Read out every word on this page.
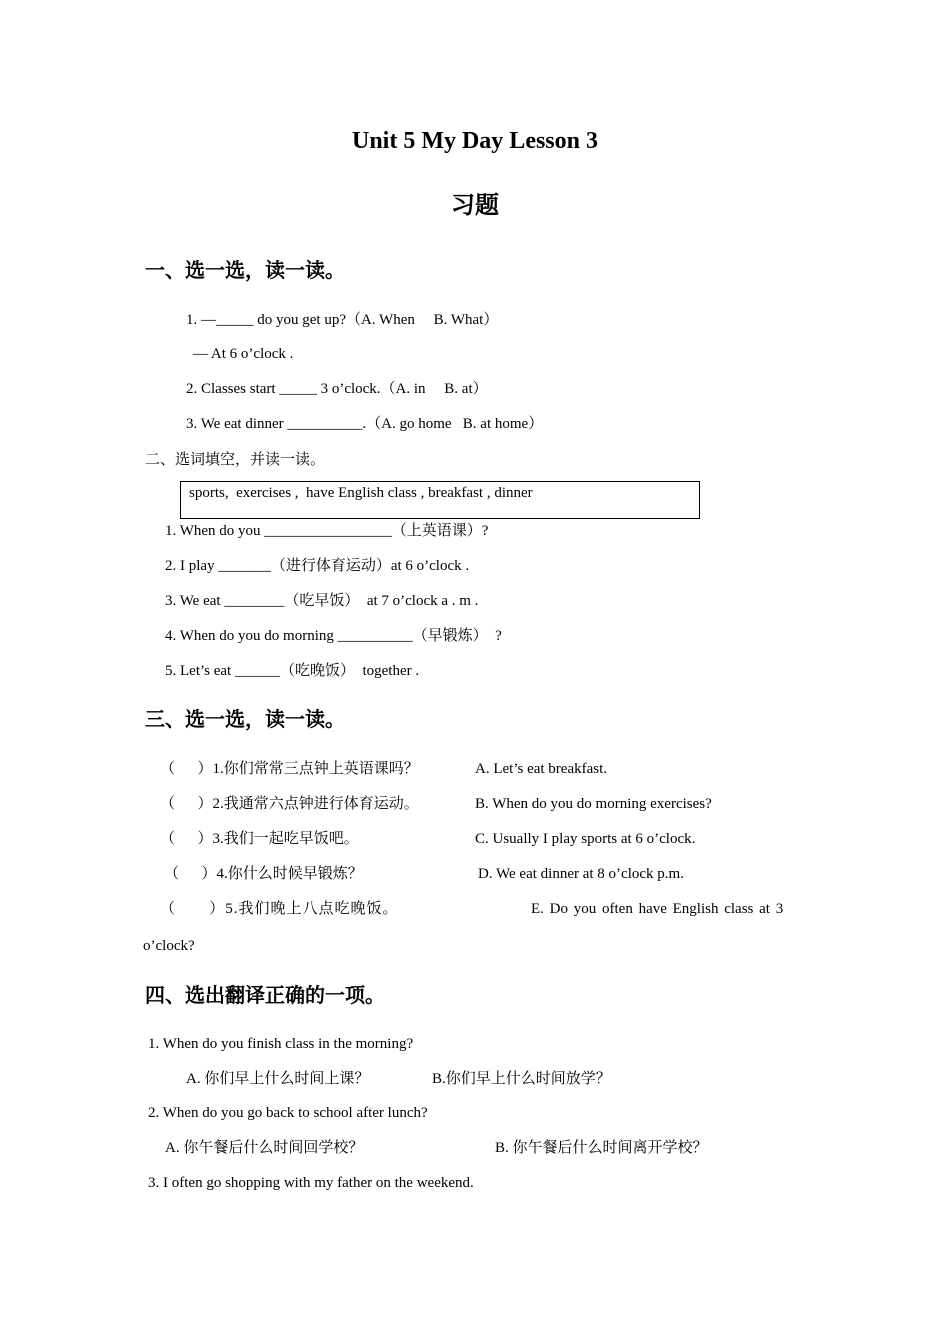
Unit 5 My Day Lesson 3
习题
一、选一选，读一读。
1. —_____ do you get up?（A. When     B. What）
— At 6 o’clock .
2. Classes start _____ 3 o’clock.（A. in     B. at）
3. We eat dinner __________.（A. go home   B. at home）
二、选词填空，并读一读。
sports,  exercises ,  have English class , breakfast , dinner
1. When do you _________________（上英语课）?
2. I play _______（进行体育运动）at 6 o’clock .
3. We eat ________（吃早饭）  at 7 o’clock a . m .
4. When do you do morning __________（早锻炼）  ?
5. Let’s eat ______（吃晚饭）  together .
三、选一选，读一读。
（      ）1.你们常常三点钟上英语课吗？	A. Let’s eat breakfast.
（      ）2.我通常六点钟进行体育运动。	B. When do you do morning exercises?
（      ）3.我们一起吃早饭吧。	C. Usually I play sports at 6 o’clock.
（      ）4.你什么时候早锻炼？	D. We eat dinner at 8 o’clock p.m.
（       ）5.我们晚上八点吃晚饭。	E. Do you often have English class at 3
o’clock?
四、选出翻译正确的一项。
1. When do you finish class in the morning?
A. 你们早上什么时间上课？	B.你们早上什么时间放学？
2. When do you go back to school after lunch?
A. 你午餐后什么时间回学校？	B. 你午餐后什么时间离开学校？
3. I often go shopping with my father on the weekend.
